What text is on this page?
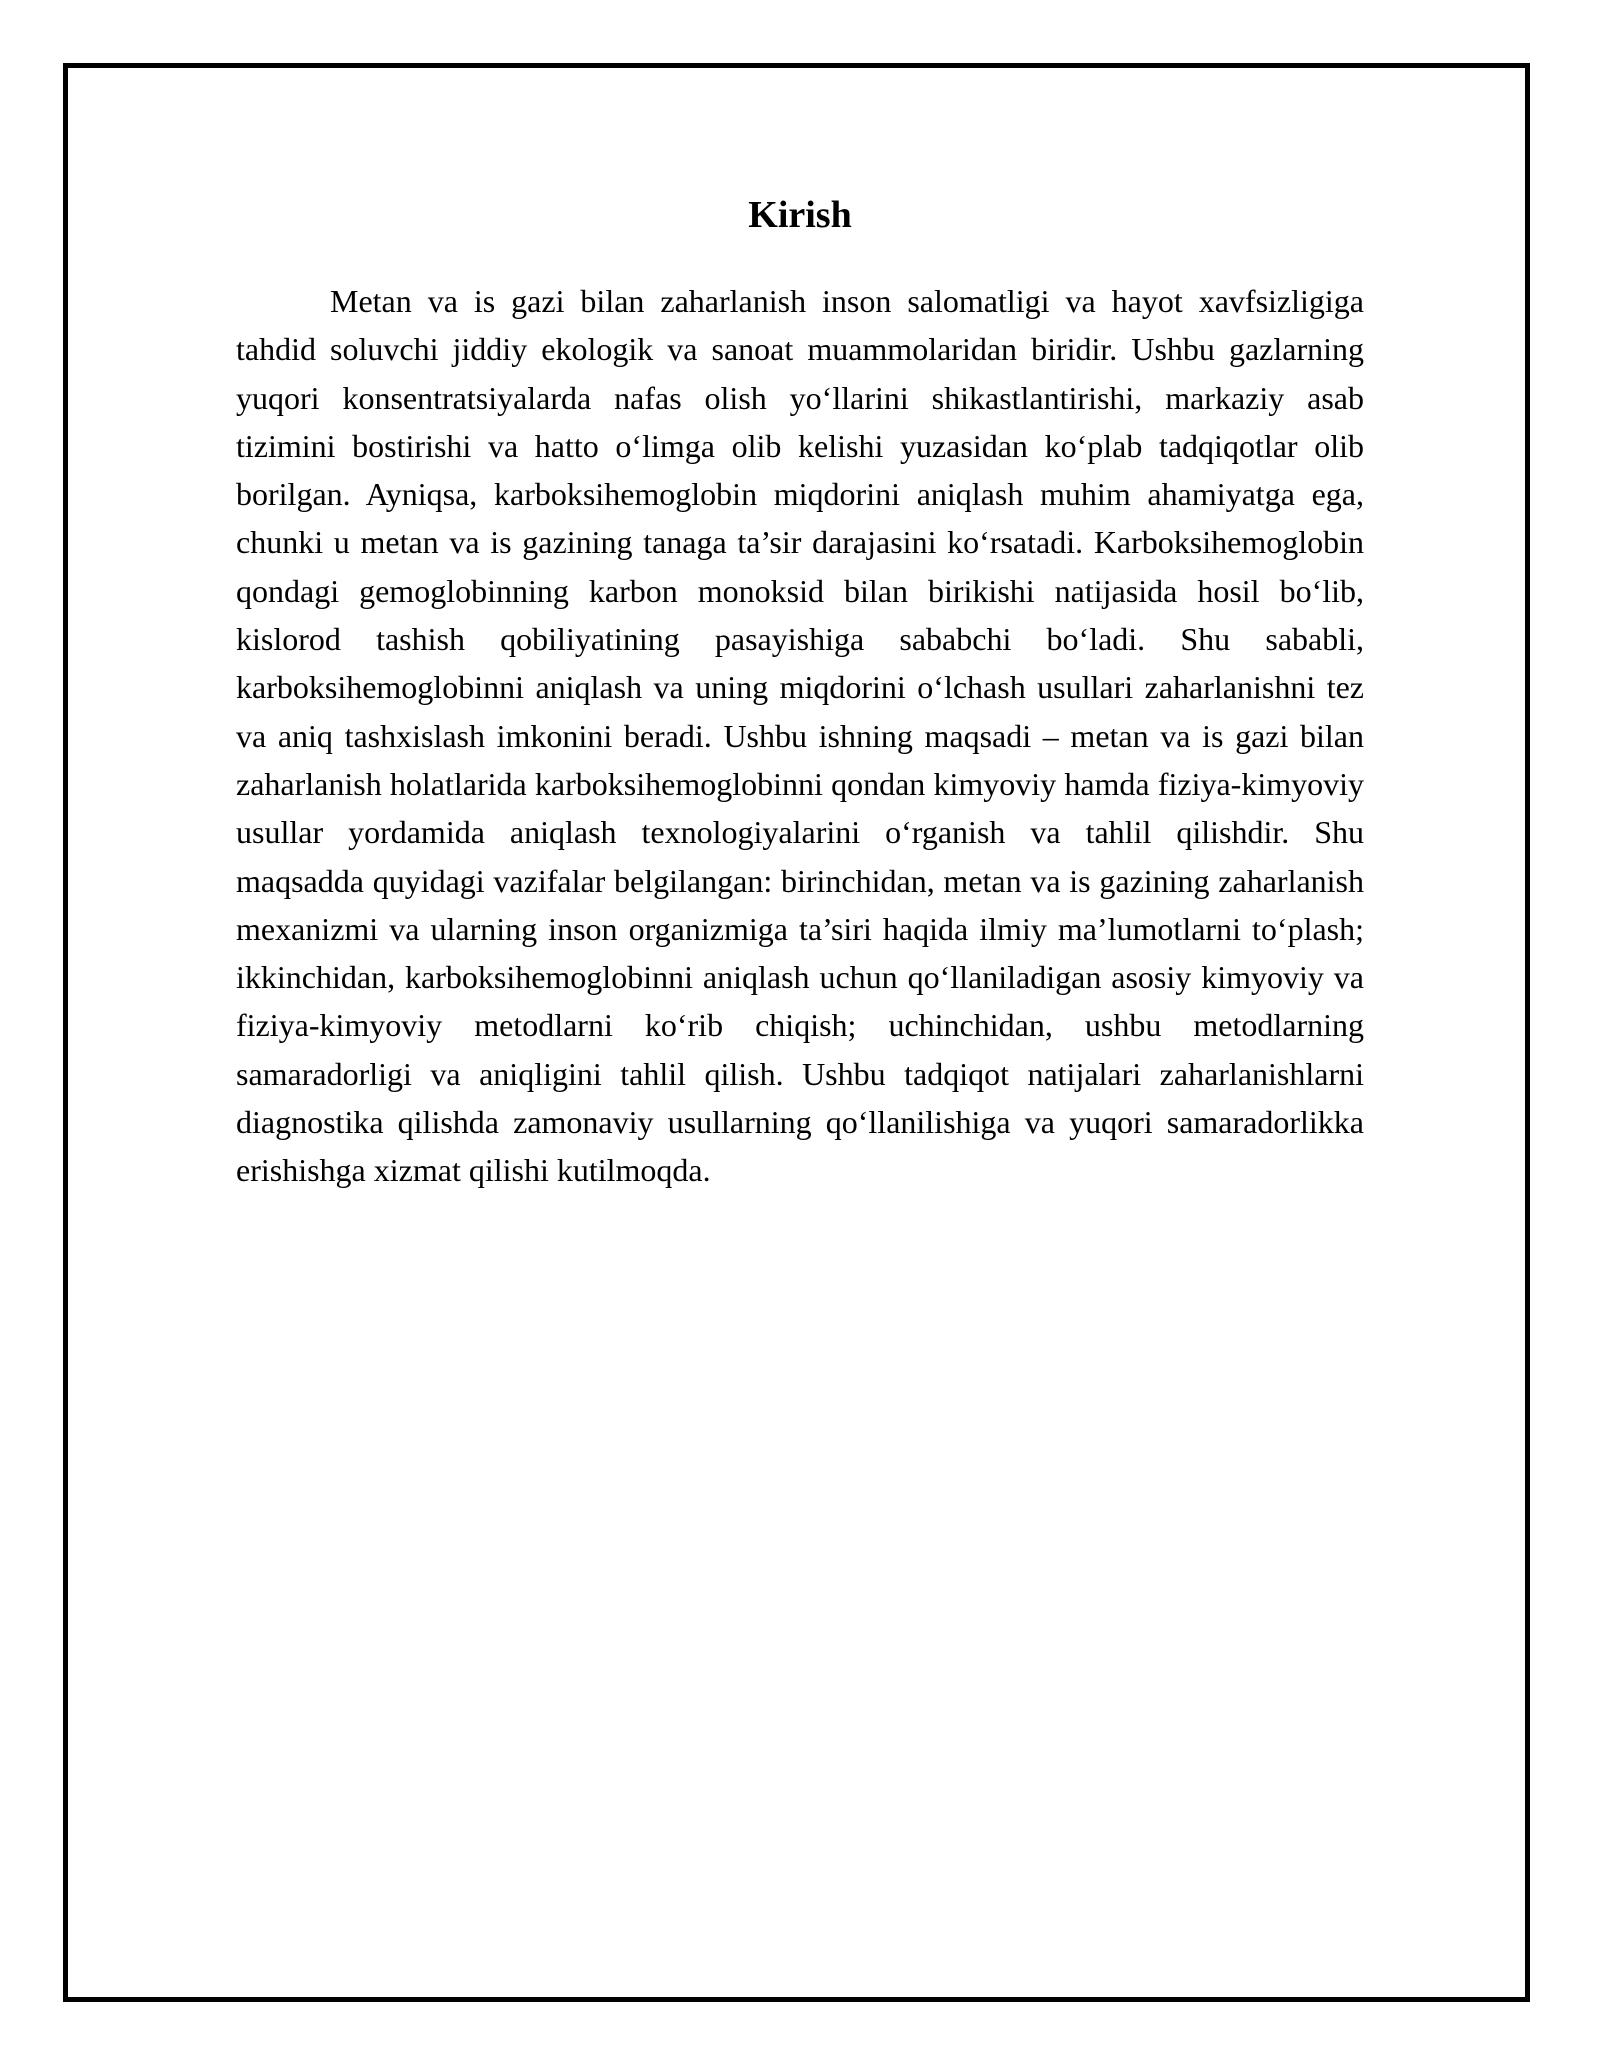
Kirish

Metan va is gazi bilan zaharlanish inson salomatligi va hayot xavfsizligiga tahdid soluvchi jiddiy ekologik va sanoat muammolaridan biridir. Ushbu gazlarning yuqori konsentratsiyalarda nafas olish yo‘llarini shikastlantirishi, markaziy asab tizimini bostirishi va hatto o‘limga olib kelishi yuzasidan ko‘plab tadqiqotlar olib borilgan. Ayniqsa, karboksihemoglobin miqdorini aniqlash muhim ahamiyatga ega, chunki u metan va is gazining tanaga ta’sir darajasini ko‘rsatadi. Karboksihemoglobin qondagi gemoglobinning karbon monoksid bilan birikishi natijasida hosil bo‘lib, kislorod tashish qobiliyatining pasayishiga sababchi bo‘ladi. Shu sababli, karboksihemoglobinni aniqlash va uning miqdorini o‘lchash usullari zaharlanishni tez va aniq tashxislash imkonini beradi. Ushbu ishning maqsadi – metan va is gazi bilan zaharlanish holatlarida karboksihemoglobinni qondan kimyoviy hamda fiziya-kimyoviy usullar yordamida aniqlash texnologiyalarini o‘rganish va tahlil qilishdir. Shu maqsadda quyidagi vazifalar belgilangan: birinchidan, metan va is gazining zaharlanish mexanizmi va ularning inson organizmiga ta’siri haqida ilmiy ma’lumotlarni to‘plash; ikkinchidan, karboksihemoglobinni aniqlash uchun qo‘llaniladigan asosiy kimyoviy va fiziya-kimyoviy metodlarni ko‘rib chiqish; uchinchidan, ushbu metodlarning samaradorligi va aniqligini tahlil qilish. Ushbu tadqiqot natijalari zaharlanishlarni diagnostika qilishda zamonaviy usullarning qo‘llanilishiga va yuqori samaradorlikka erishishga xizmat qilishi kutilmoqda.
